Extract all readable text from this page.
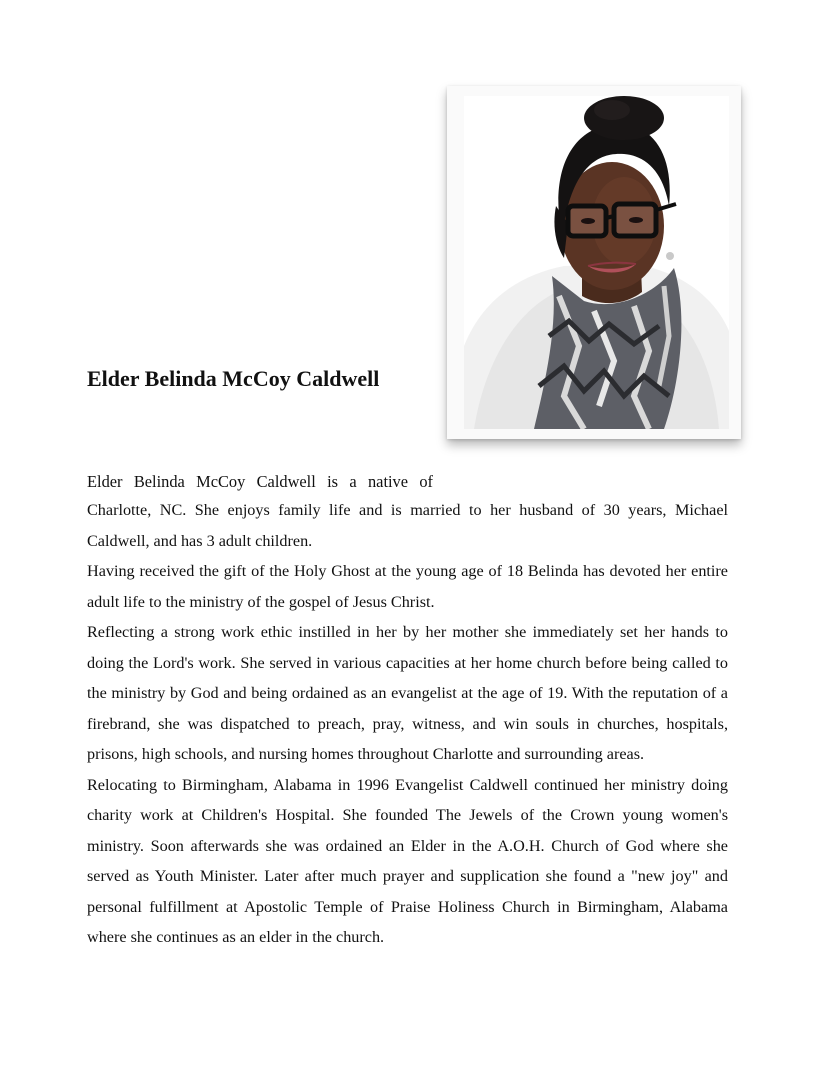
Elder Belinda McCoy Caldwell

Elder Belinda McCoy Caldwell is a native of

Charlotte, NC. She enjoys family life and is married to her husband of 30 years, Michael Caldwell, and has 3 adult children.

Having received the gift of the Holy Ghost at the young age of 18 Belinda has devoted her entire adult life to the ministry of the gospel of Jesus Christ.

Reflecting a strong work ethic instilled in her by her mother she immediately set her hands to doing the Lord's work. She served in various capacities at her home church before being called to the ministry by God and being ordained as an evangelist at the age of 19. With the reputation of a firebrand, she was dispatched to preach, pray, witness, and win souls in churches, hospitals, prisons, high schools, and nursing homes throughout Charlotte and surrounding areas.

Relocating to Birmingham, Alabama in 1996 Evangelist Caldwell continued her ministry doing charity work at Children's Hospital. She founded The Jewels of the Crown young women's ministry. Soon afterwards she was ordained an Elder in the A.O.H. Church of God where she served as Youth Minister. Later after much prayer and supplication she found a "new joy" and personal fulfillment at Apostolic Temple of Praise Holiness Church in Birmingham, Alabama where she continues as an elder in the church.
